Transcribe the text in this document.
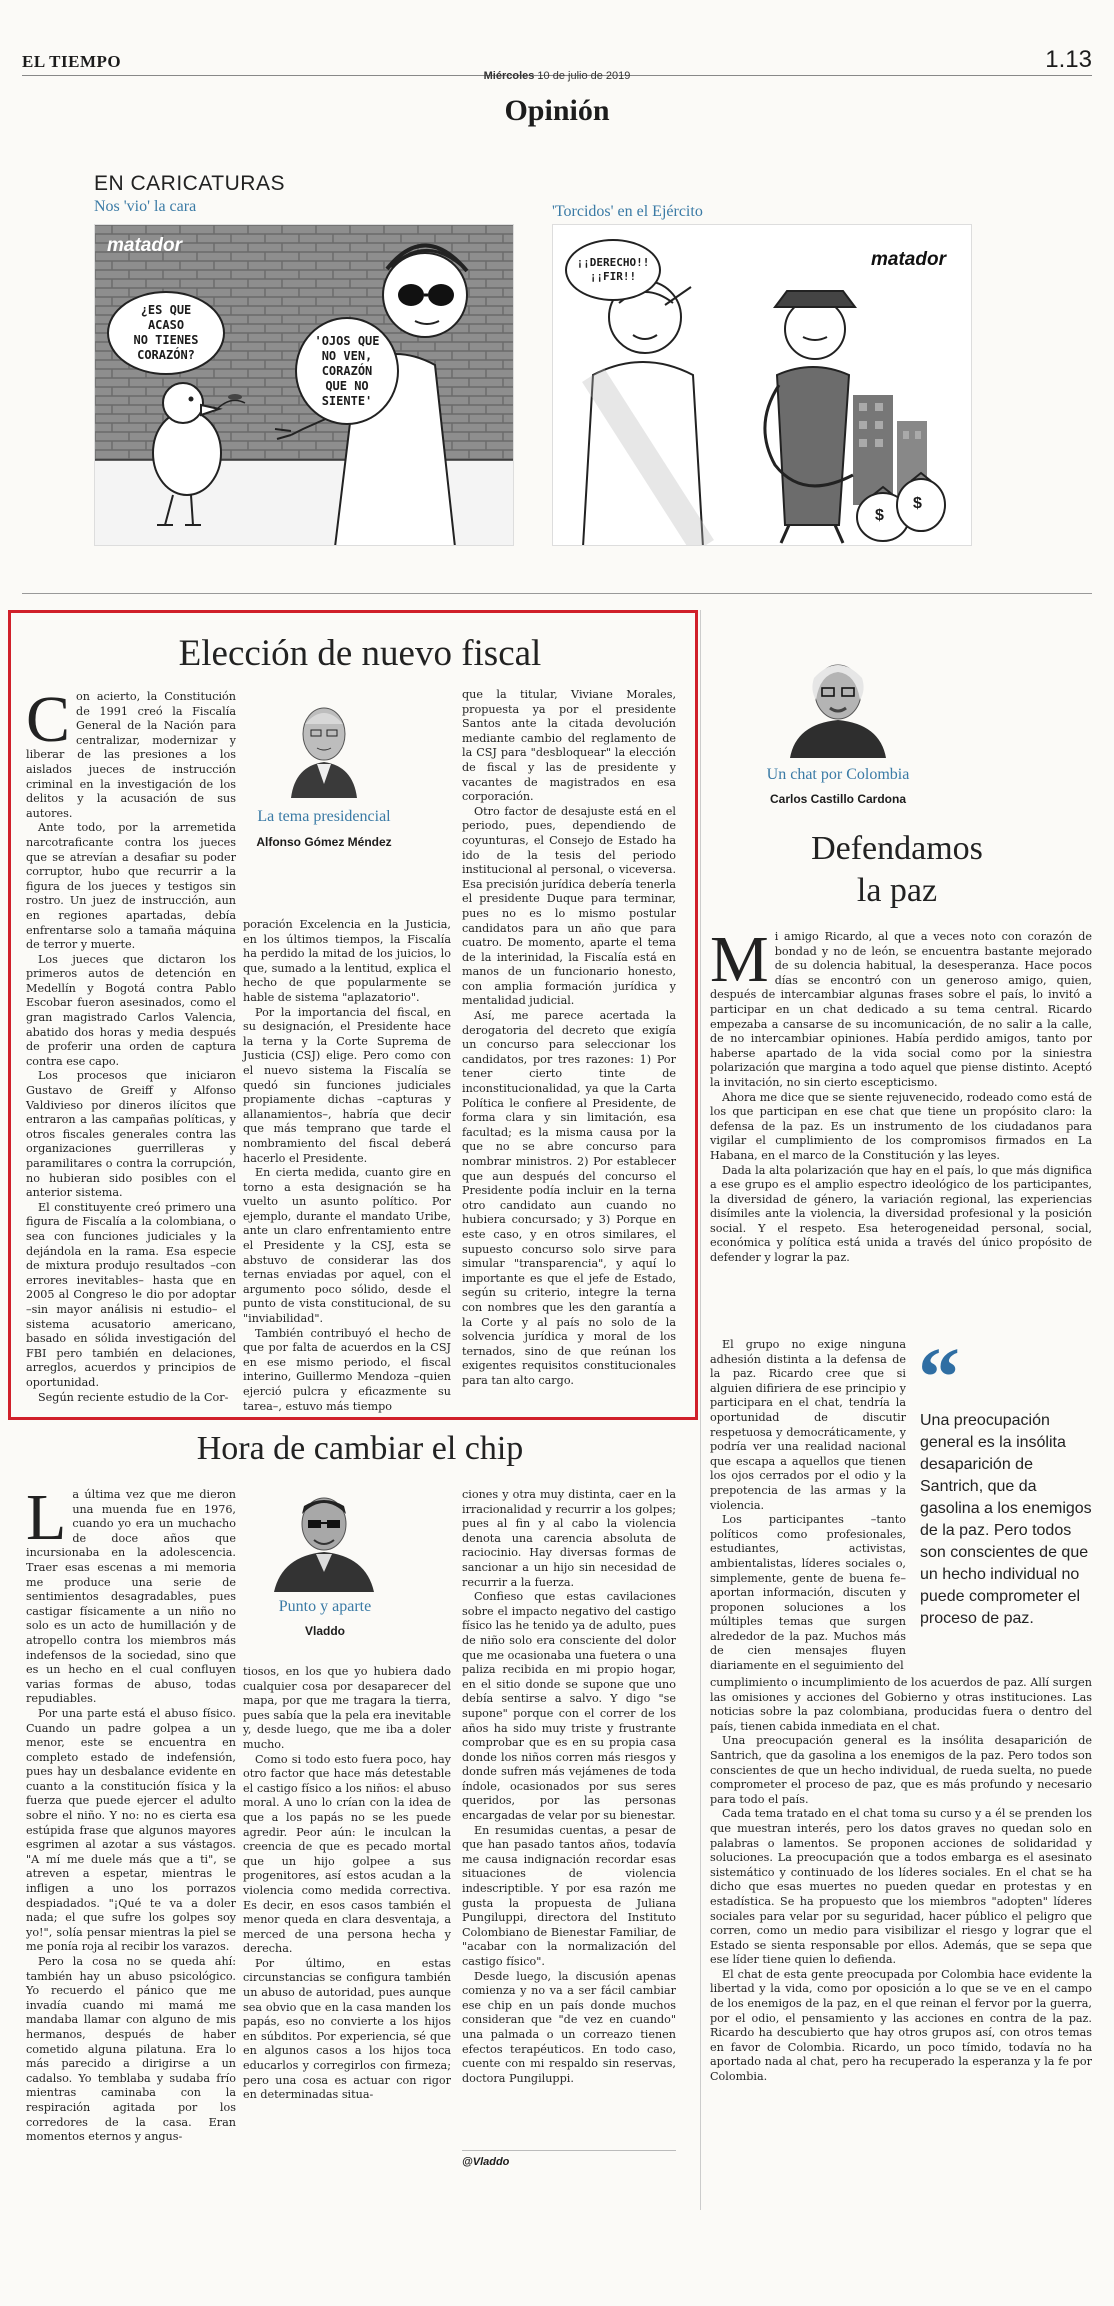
EL TIEMPO
Miércoles 10 de julio de 2019
1.13
Opinión
EN CARICATURAS
Nos 'vio' la cara	'Torcidos' en el Ejército
matador
¿ES QUE
ACASO
NO TIENES
CORAZÓN?
'OJOS QUE
NO VEN,
CORAZÓN
QUE NO
SIENTE'
matador
¡¡DERECHO!!
¡¡FIR!!
$
$
Elección de nuevo fiscal
C on acierto, la Constitución de 1991 creó la Fiscalía General de la Nación para centralizar, modernizar y liberar de las presiones a los aislados jueces de instrucción criminal en la investigación de los delitos y la acusación de sus autores.

Ante todo, por la arremetida narcotraficante contra los jueces que se atrevían a desafiar su poder corruptor, hubo que recurrir a la figura de los jueces y testigos sin rostro. Un juez de instrucción, aun en regiones apartadas, debía enfrentarse solo a tamaña máquina de terror y muerte.

Los jueces que dictaron los primeros autos de detención en Medellín y Bogotá contra Pablo Escobar fueron asesinados, como el gran magistrado Carlos Valencia, abatido dos horas y media después de proferir una orden de captura contra ese capo.

Los procesos que iniciaron Gustavo de Greiff y Alfonso Valdivieso por dineros ilícitos que entraron a las campañas políticas, y otros fiscales generales contra las organizaciones guerrilleras y paramilitares o contra la corrupción, no hubieran sido posibles con el anterior sistema.

El constituyente creó primero una figura de Fiscalía a la colombiana, o sea con funciones judiciales y la dejándola en la rama. Esa especie de mixtura produjo resultados –con errores inevitables– hasta que en 2005 al Congreso le dio por adoptar –sin mayor análisis ni estudio– el sistema acusatorio americano, basado en sólida investigación del FBI pero también en delaciones, arreglos, acuerdos y principios de oportunidad.

Según reciente estudio de la Cor-

La tema presidencial
Alfonso Gómez Méndez

poración Excelencia en la Justicia, en los últimos tiempos, la Fiscalía ha perdido la mitad de los juicios, lo que, sumado a la lentitud, explica el hecho de que popularmente se hable de sistema "aplazatorio".

Por la importancia del fiscal, en su designación, el Presidente hace la terna y la Corte Suprema de Justicia (CSJ) elige. Pero como con el nuevo sistema la Fiscalía se quedó sin funciones judiciales propiamente dichas –capturas y allanamientos–, habría que decir que más temprano que tarde el nombramiento del fiscal deberá hacerlo el Presidente.

En cierta medida, cuanto gire en torno a esta designación se ha vuelto un asunto político. Por ejemplo, durante el mandato Uribe, ante un claro enfrentamiento entre el Presidente y la CSJ, esta se abstuvo de considerar las dos ternas enviadas por aquel, con el argumento poco sólido, desde el punto de vista constitucional, de su "inviabilidad".

También contribuyó el hecho de que por falta de acuerdos en la CSJ en ese mismo periodo, el fiscal interino, Guillermo Mendoza –quien ejerció pulcra y eficazmente su tarea–, estuvo más tiempo

que la titular, Viviane Morales, propuesta ya por el presidente Santos ante la citada devolución mediante cambio del reglamento de la CSJ para "desbloquear" la elección de fiscal y las de presidente y vacantes de magistrados en esa corporación.

Otro factor de desajuste está en el periodo, pues, dependiendo de coyunturas, el Consejo de Estado ha ido de la tesis del periodo institucional al personal, o viceversa. Esa precisión jurídica debería tenerla el presidente Duque para terminar, pues no es lo mismo postular candidatos para un año que para cuatro. De momento, aparte el tema de la interinidad, la Fiscalía está en manos de un funcionario honesto, con amplia formación jurídica y mentalidad judicial.

Así, me parece acertada la derogatoria del decreto que exigía un concurso para seleccionar los candidatos, por tres razones: 1) Por tener cierto tinte de inconstitucionalidad, ya que la Carta Política le confiere al Presidente, de forma clara y sin limitación, esa facultad; es la misma causa por la que no se abre concurso para nombrar ministros. 2) Por establecer que aun después del concurso el Presidente podía incluir en la terna otro candidato aun cuando no hubiera concursado; y 3) Porque en este caso, y en otros similares, el supuesto concurso solo sirve para simular "transparencia", y aquí lo importante es que el jefe de Estado, según su criterio, integre la terna con nombres que les den garantía a la Corte y al país no solo de la solvencia jurídica y moral de los ternados, sino de que reúnan los exigentes requisitos constitucionales para tan alto cargo.

Un chat por Colombia
Carlos Castillo Cardona
Defendamos
la paz
M i amigo Ricardo, al que a veces noto con corazón de bondad y no de león, se encuentra bastante mejorado de su dolencia habitual, la desesperanza. Hace pocos días se encontró con un generoso amigo, quien, después de intercambiar algunas frases sobre el país, lo invitó a participar en un chat dedicado a su tema central. Ricardo empezaba a cansarse de su incomunicación, de no salir a la calle, de no intercambiar opiniones. Había perdido amigos, tanto por haberse apartado de la vida social como por la siniestra polarización que margina a todo aquel que piense distinto. Aceptó la invitación, no sin cierto escepticismo.

Ahora me dice que se siente rejuvenecido, rodeado como está de los que participan en ese chat que tiene un propósito claro: la defensa de la paz. Es un instrumento de los ciudadanos para vigilar el cumplimiento de los compromisos firmados en La Habana, en el marco de la Constitución y las leyes.

Dada la alta polarización que hay en el país, lo que más dignifica a ese grupo es el amplio espectro ideológico de los participantes, la diversidad de género, la variación regional, las experiencias disímiles ante la violencia, la diversidad profesional y la posición social. Y el respeto. Esa heterogeneidad personal, social, económica y política está unida a través del único propósito de defender y lograr la paz.

El grupo no exige ninguna adhesión distinta a la defensa de la paz. Ricardo cree que si alguien difiriera de ese principio y participara en el chat, tendría la oportunidad de discutir respetuosa y democráticamente, y podría ver una realidad nacional que escapa a aquellos que tienen los ojos cerrados por el odio y la prepotencia de las armas y la violencia.

Los participantes –tanto políticos como profesionales, estudiantes, activistas, ambientalistas, líderes sociales o, simplemente, gente de buena fe– aportan información, discuten y proponen soluciones a los múltiples temas que surgen alrededor de la paz. Muchos más de cien mensajes fluyen diariamente en el seguimiento del

“
Una preocupación general es la insólita desaparición de Santrich, que da gasolina a los enemigos de la paz. Pero todos son conscientes de que un hecho individual no puede comprometer el proceso de paz.

cumplimiento o incumplimiento de los acuerdos de paz. Allí surgen las omisiones y acciones del Gobierno y otras instituciones. Las noticias sobre la paz colombiana, producidas fuera o dentro del país, tienen cabida inmediata en el chat.

Una preocupación general es la insólita desaparición de Santrich, que da gasolina a los enemigos de la paz. Pero todos son conscientes de que un hecho individual, de rueda suelta, no puede comprometer el proceso de paz, que es más profundo y necesario para todo el país.

Cada tema tratado en el chat toma su curso y a él se prenden los que muestran interés, pero los datos graves no quedan solo en palabras o lamentos. Se proponen acciones de solidaridad y soluciones. La preocupación que a todos embarga es el asesinato sistemático y continuado de los líderes sociales. En el chat se ha dicho que esas muertes no pueden quedar en protestas y en estadística. Se ha propuesto que los miembros "adopten" líderes sociales para velar por su seguridad, hacer público el peligro que corren, como un medio para visibilizar el riesgo y lograr que el Estado se sienta responsable por ellos. Además, que se sepa que ese líder tiene quien lo defienda.

El chat de esta gente preocupada por Colombia hace evidente la libertad y la vida, como por oposición a lo que se ve en el campo de los enemigos de la paz, en el que reinan el fervor por la guerra, por el odio, el pensamiento y las acciones en contra de la paz. Ricardo ha descubierto que hay otros grupos así, con otros temas en favor de Colombia. Ricardo, un poco tímido, todavía no ha aportado nada al chat, pero ha recuperado la esperanza y la fe por Colombia.

Hora de cambiar el chip
L a última vez que me dieron una muenda fue en 1976, cuando yo era un muchacho de doce años que incursionaba en la adolescencia. Traer esas escenas a mi memoria me produce una serie de sentimientos desagradables, pues castigar físicamente a un niño no solo es un acto de humillación y de atropello contra los miembros más indefensos de la sociedad, sino que es un hecho en el cual confluyen varias formas de abuso, todas repudiables.

Por una parte está el abuso físico. Cuando un padre golpea a un menor, este se encuentra en completo estado de indefensión, pues hay un desbalance evidente en cuanto a la constitución física y la fuerza que puede ejercer el adulto sobre el niño. Y no: no es cierta esa estúpida frase que algunos mayores esgrimen al azotar a sus vástagos. "A mí me duele más que a ti", se atreven a espetar, mientras le infligen a uno los porrazos despiadados. "¡Qué te va a doler nada; el que sufre los golpes soy yo!", solía pensar mientras la piel se me ponía roja al recibir los varazos.

Pero la cosa no se queda ahí: también hay un abuso psicológico. Yo recuerdo el pánico que me invadía cuando mi mamá me mandaba llamar con alguno de mis hermanos, después de haber cometido alguna pilatuna. Era lo más parecido a dirigirse a un cadalso. Yo temblaba y sudaba frío mientras caminaba con la respiración agitada por los corredores de la casa. Eran momentos eternos y angus-

Punto y aparte
Vladdo

tiosos, en los que yo hubiera dado cualquier cosa por desaparecer del mapa, por que me tragara la tierra, pues sabía que la pela era inevitable y, desde luego, que me iba a doler mucho.

Como si todo esto fuera poco, hay otro factor que hace más detestable el castigo físico a los niños: el abuso moral. A uno lo crían con la idea de que a los papás no se les puede agredir. Peor aún: le inculcan la creencia de que es pecado mortal que un hijo golpee a sus progenitores, así estos acudan a la violencia como medida correctiva. Es decir, en esos casos también el menor queda en clara desventaja, a merced de una persona hecha y derecha.

Por último, en estas circunstancias se configura también un abuso de autoridad, pues aunque sea obvio que en la casa manden los papás, eso no convierte a los hijos en súbditos. Por experiencia, sé que en algunos casos a los hijos toca educarlos y corregirlos con firmeza; pero una cosa es actuar con rigor en determinadas situa-

ciones y otra muy distinta, caer en la irracionalidad y recurrir a los golpes; pues al fin y al cabo la violencia denota una carencia absoluta de raciocinio. Hay diversas formas de sancionar a un hijo sin necesidad de recurrir a la fuerza.

Confieso que estas cavilaciones sobre el impacto negativo del castigo físico las he tenido ya de adulto, pues de niño solo era consciente del dolor que me ocasionaba una fuetera o una paliza recibida en mi propio hogar, en el sitio donde se supone que uno debía sentirse a salvo. Y digo "se supone" porque con el correr de los años ha sido muy triste y frustrante comprobar que es en su propia casa donde los niños corren más riesgos y donde sufren más vejámenes de toda índole, ocasionados por sus seres queridos, por las personas encargadas de velar por su bienestar.

En resumidas cuentas, a pesar de que han pasado tantos años, todavía me causa indignación recordar esas situaciones de violencia indescriptible. Y por esa razón me gusta la propuesta de Juliana Pungiluppi, directora del Instituto Colombiano de Bienestar Familiar, de "acabar con la normalización del castigo físico".

Desde luego, la discusión apenas comienza y no va a ser fácil cambiar ese chip en un país donde muchos consideran que "de vez en cuando" una palmada o un correazo tienen efectos terapéuticos. En todo caso, cuente con mi respaldo sin reservas, doctora Pungiluppi.

@Vladdo
